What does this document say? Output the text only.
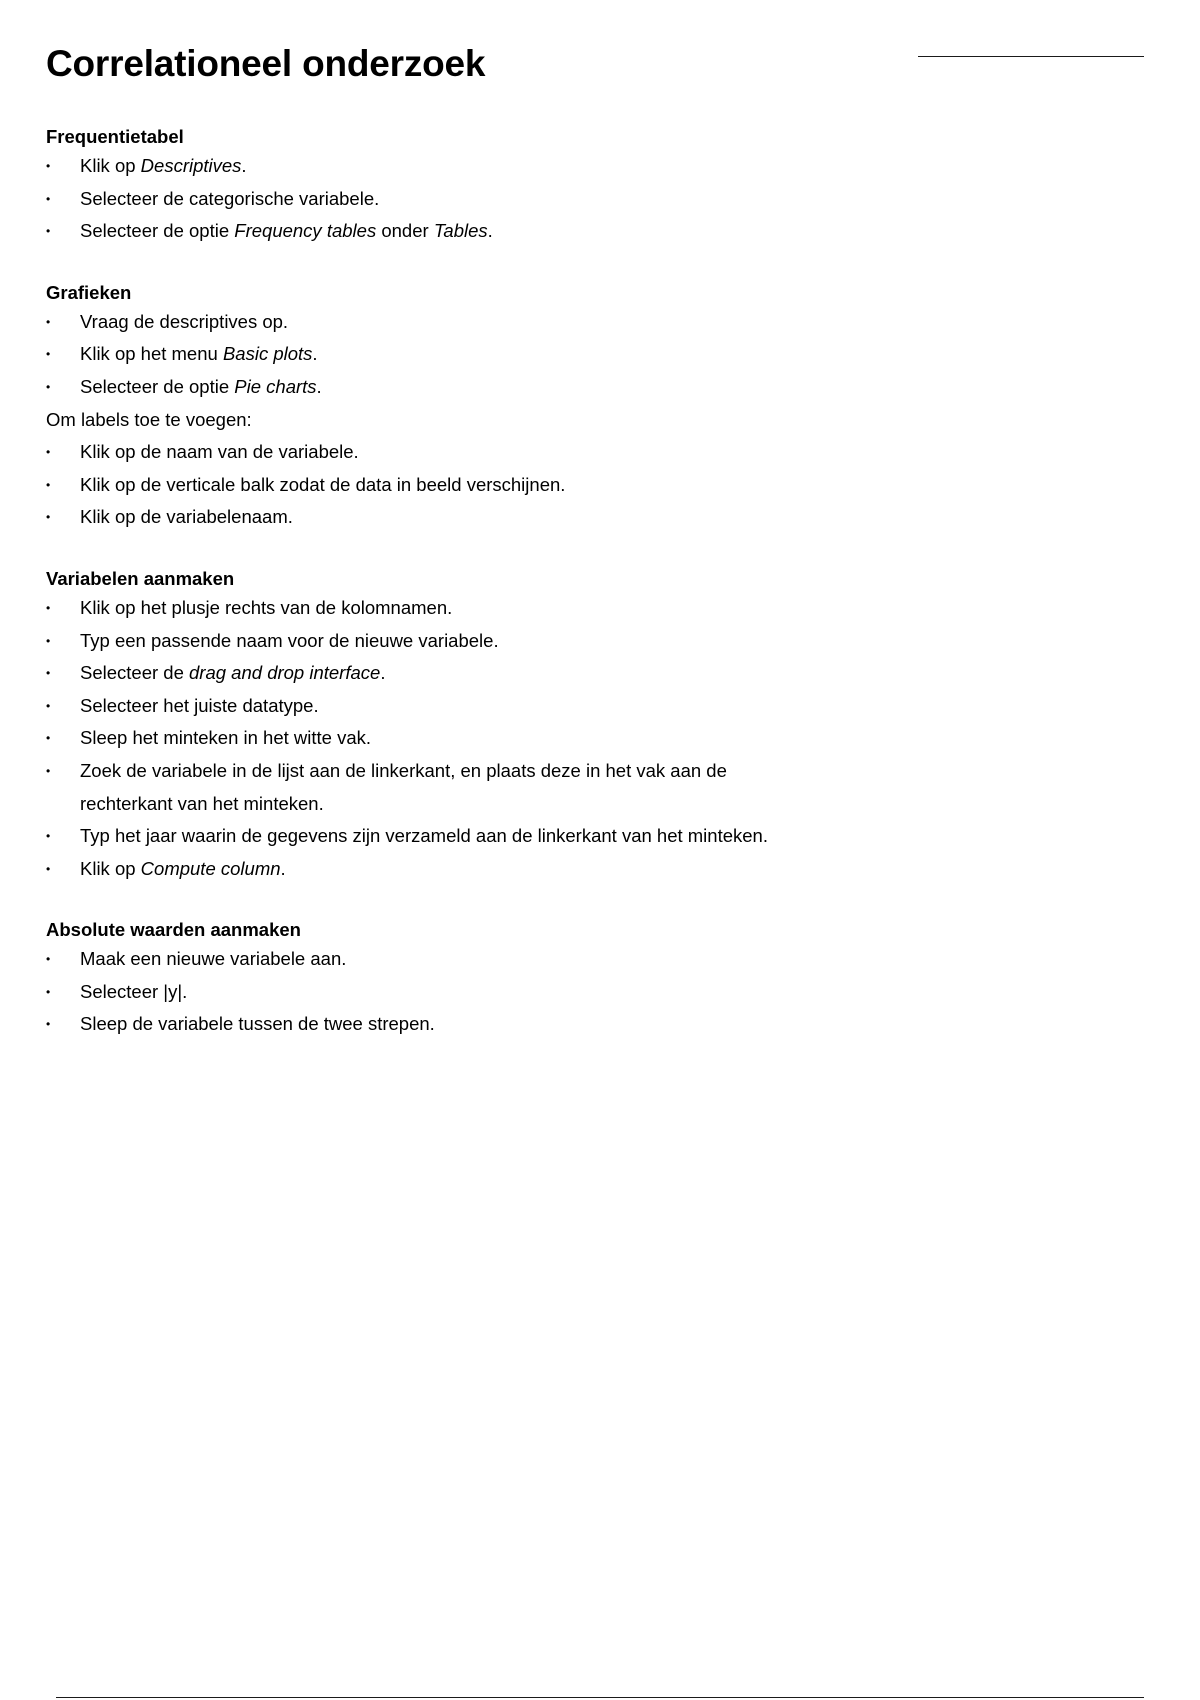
Correlationeel onderzoek
Frequentietabel
• Klik op Descriptives.
• Selecteer de categorische variabele.
• Selecteer de optie Frequency tables onder Tables.
Grafieken
• Vraag de descriptives op.
• Klik op het menu Basic plots.
• Selecteer de optie Pie charts.
Om labels toe te voegen:
• Klik op de naam van de variabele.
• Klik op de verticale balk zodat de data in beeld verschijnen.
• Klik op de variabelenaam.
Variabelen aanmaken
• Klik op het plusje rechts van de kolomnamen.
• Typ een passende naam voor de nieuwe variabele.
• Selecteer de drag and drop interface.
• Selecteer het juiste datatype.
• Sleep het minteken in het witte vak.
• Zoek de variabele in de lijst aan de linkerkant, en plaats deze in het vak aan de
rechterkant van het minteken.
• Typ het jaar waarin de gegevens zijn verzameld aan de linkerkant van het minteken.
• Klik op Compute column.
Absolute waarden aanmaken
• Maak een nieuwe variabele aan.
• Selecteer |y|.
• Sleep de variabele tussen de twee strepen.
